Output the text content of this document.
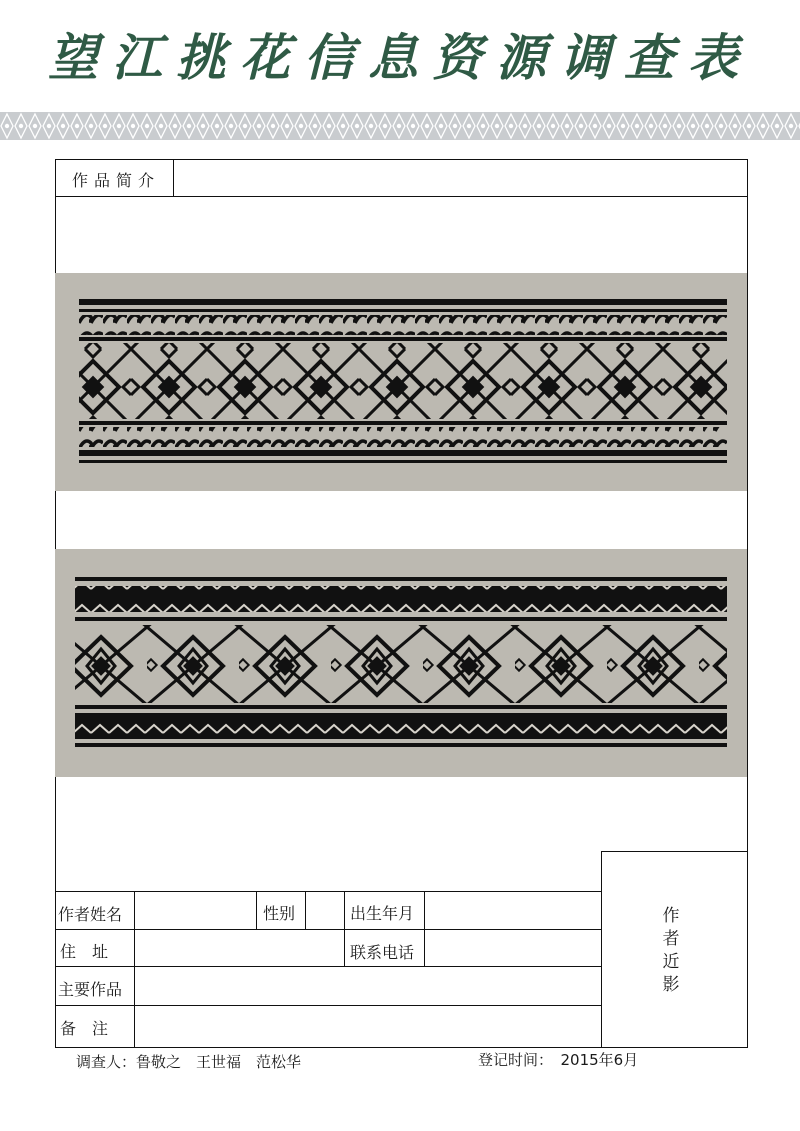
望江挑花信息资源调查表
作品简介
作者近影
作者姓名	性别	出生年月
住　址	联系电话
主要作品
备　注
调查人：鲁敬之　王世福　范松华	登记时间：　2015年6月
